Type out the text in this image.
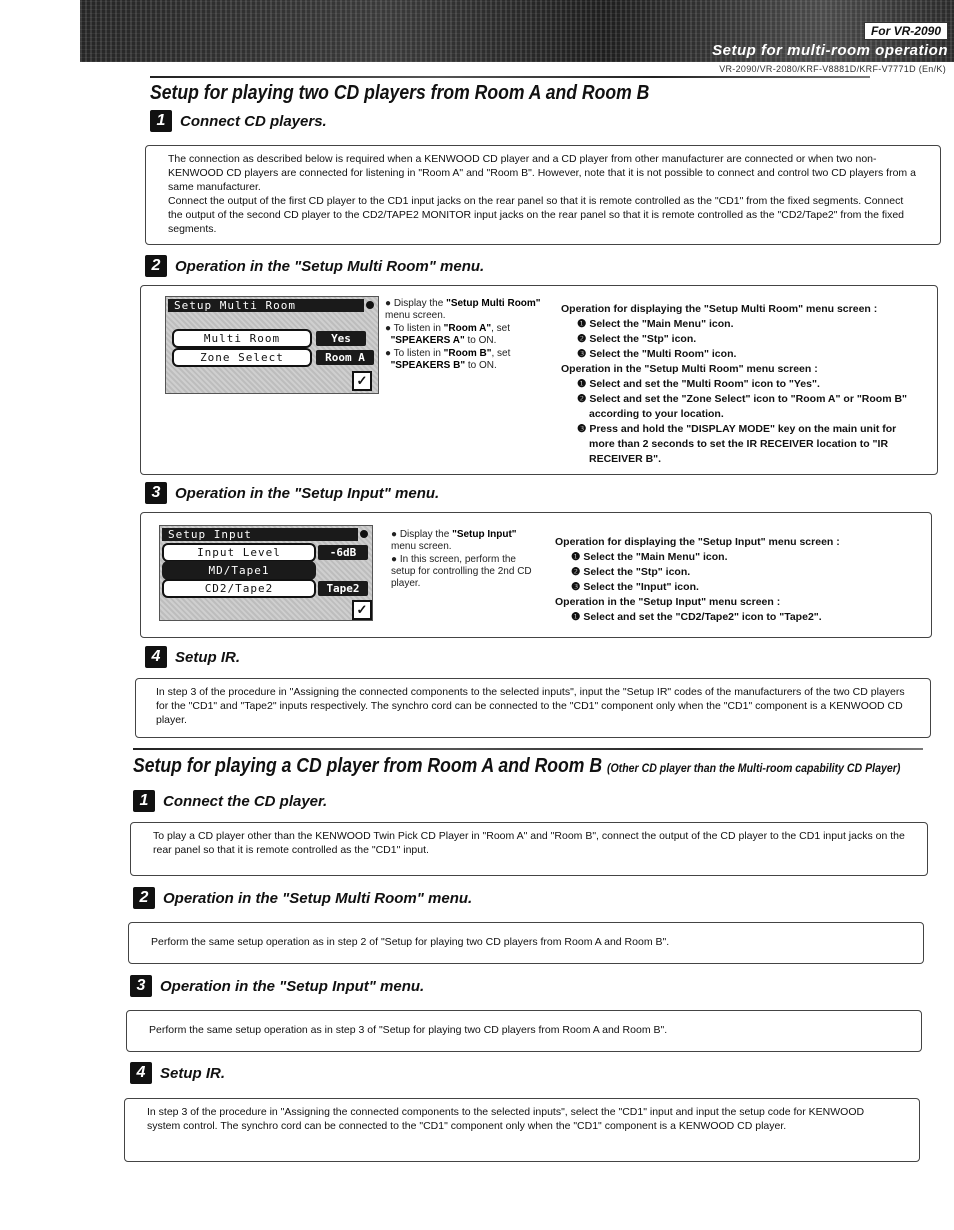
For VR-2090
Setup for multi-room operation
VR-2090/VR-2080/KRF-V8881D/KRF-V7771D (En/K)
Setup for playing two CD players from Room A and Room B
1 Connect CD players.

The connection as described below is required when a KENWOOD CD player and a CD player from other manufacturer are connected or when two non-KENWOOD CD players are connected for listening in "Room A" and "Room B". However, note that it is not possible to connect and control two CD players from a same manufacturer.

Connect the output of the first CD player to the CD1 input jacks on the rear panel so that it is remote controlled as the "CD1" from the fixed segments. Connect the output of the second CD player to the CD2/TAPE2 MONITOR input jacks on the rear panel so that it is remote controlled as the "CD2/Tape2" from the fixed segments.

2 Operation in the "Setup Multi Room" menu.
Setup Multi Room
Multi Room	Yes
Zone Select	Room A
✓
● Display the "Setup Multi Room" menu screen.
● To listen in "Room A", set
"SPEAKERS A" to ON.
● To listen in "Room B", set
"SPEAKERS B" to ON.
Operation for displaying the "Setup Multi Room" menu screen :
❶ Select the "Main Menu" icon.
❷ Select the "Stp" icon.
❸ Select the "Multi Room" icon.
Operation in the "Setup Multi Room" menu screen :
❶ Select and set the "Multi Room" icon to "Yes".
❷ Select and set the "Zone Select" icon to "Room A" or "Room B" according to your location.
❸ Press and hold the "DISPLAY MODE" key on the main unit for more than 2 seconds to set the IR RECEIVER location to "IR RECEIVER B".
3 Operation in the "Setup Input" menu.
Setup Input
Input Level	-6dB
MD/Tape1
CD2/Tape2	Tape2
✓
● Display the "Setup Input" menu screen.
● In this screen, perform the setup for controlling the 2nd CD player.
Operation for displaying the "Setup Input" menu screen :
❶ Select the "Main Menu" icon.
❷ Select the "Stp" icon.
❸ Select the "Input" icon.
Operation in the "Setup Input" menu screen :
❶ Select and set the "CD2/Tape2" icon to "Tape2".
4 Setup IR.

In step 3 of the procedure in "Assigning the connected components to the selected inputs", input the "Setup IR" codes of the manufacturers of the two CD players for the "CD1" and "Tape2" inputs respectively. The synchro cord can be connected to the "CD1" component only when the "CD1" component is a KENWOOD CD player.

Setup for playing a CD player from Room A and Room B (Other CD player than the Multi-room capability CD Player)
1 Connect the CD player.

To play a CD player other than the KENWOOD Twin Pick CD Player in "Room A" and "Room B", connect the output of the CD player to the CD1 input jacks on the rear panel so that it is remote controlled as the "CD1" input.

2 Operation in the "Setup Multi Room" menu.

Perform the same setup operation as in step 2 of "Setup for playing two CD players from Room A and Room B".

3 Operation in the "Setup Input" menu.

Perform the same setup operation as in step 3 of "Setup for playing two CD players from Room A and Room B".

4 Setup IR.

In step 3 of the procedure in "Assigning the connected components to the selected inputs", select the "CD1" input and input the setup code for KENWOOD system control. The synchro cord can be connected to the "CD1" component only when the "CD1" component is a KENWOOD CD player.
